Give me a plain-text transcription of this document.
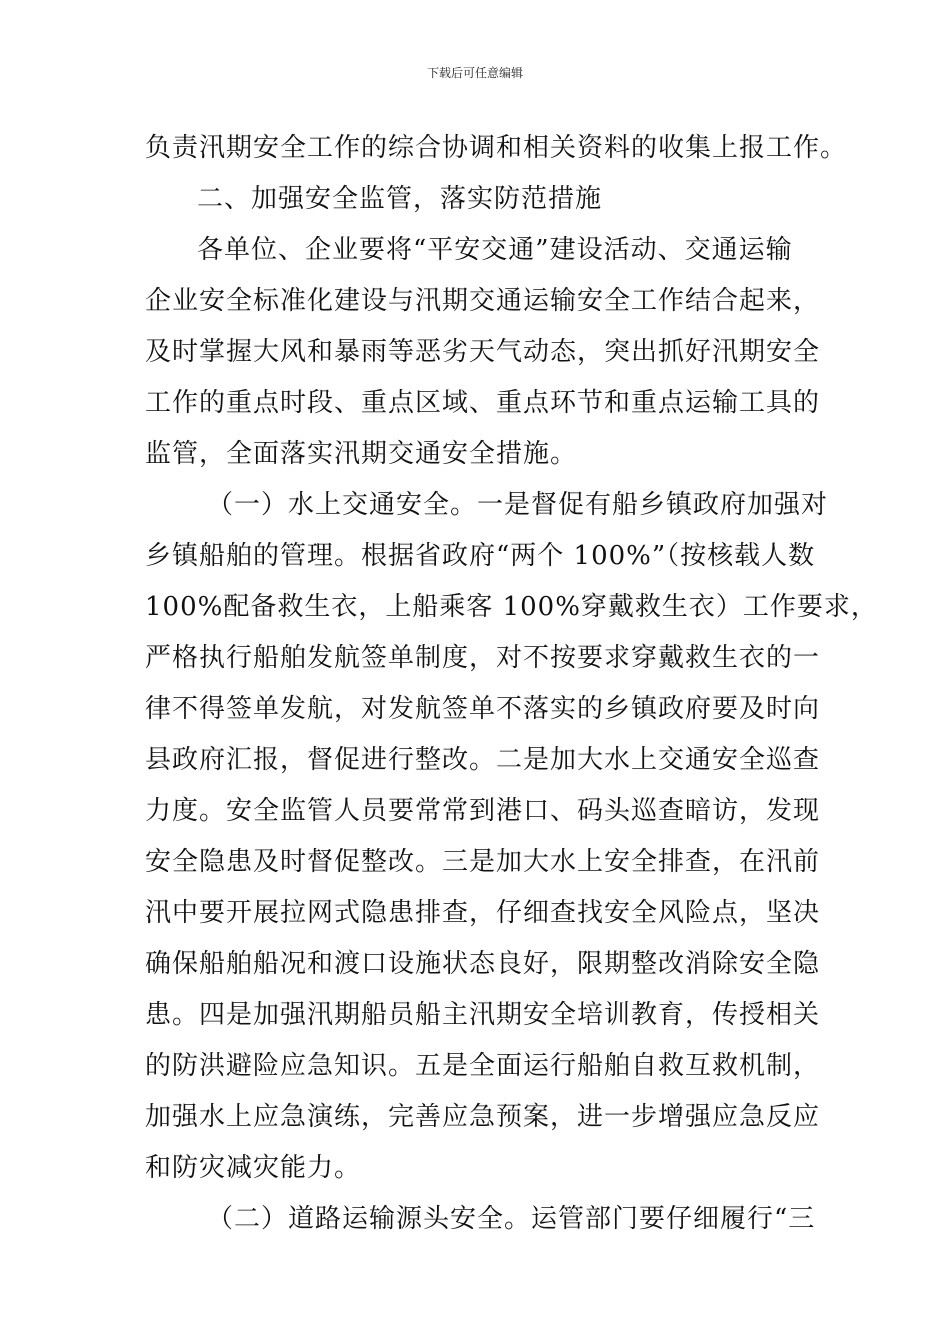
下载后可任意编辑
负责汛期安全工作的综合协调和相关资料的收集上报工作。
二、加强安全监管，落实防范措施
各单位、企业要将“平安交通”建设活动、交通运输
企业安全标准化建设与汛期交通运输安全工作结合起来，
及时掌握大风和暴雨等恶劣天气动态，突出抓好汛期安全
工作的重点时段、重点区域、重点环节和重点运输工具的
监管，全面落实汛期交通安全措施。
（一）水上交通安全。一是督促有船乡镇政府加强对
乡镇船舶的管理。根据省政府“两个 100%”（按核载人数
100%配备救生衣，上船乘客 100%穿戴救生衣）工作要求，
严格执行船舶发航签单制度，对不按要求穿戴救生衣的一
律不得签单发航，对发航签单不落实的乡镇政府要及时向
县政府汇报，督促进行整改。二是加大水上交通安全巡查
力度。安全监管人员要常常到港口、码头巡查暗访，发现
安全隐患及时督促整改。三是加大水上安全排查，在汛前
汛中要开展拉网式隐患排查，仔细查找安全风险点，坚决
确保船舶船况和渡口设施状态良好，限期整改消除安全隐
患。四是加强汛期船员船主汛期安全培训教育，传授相关
的防洪避险应急知识。五是全面运行船舶自救互救机制，
加强水上应急演练，完善应急预案，进一步增强应急反应
和防灾减灾能力。
（二）道路运输源头安全。运管部门要仔细履行“三
